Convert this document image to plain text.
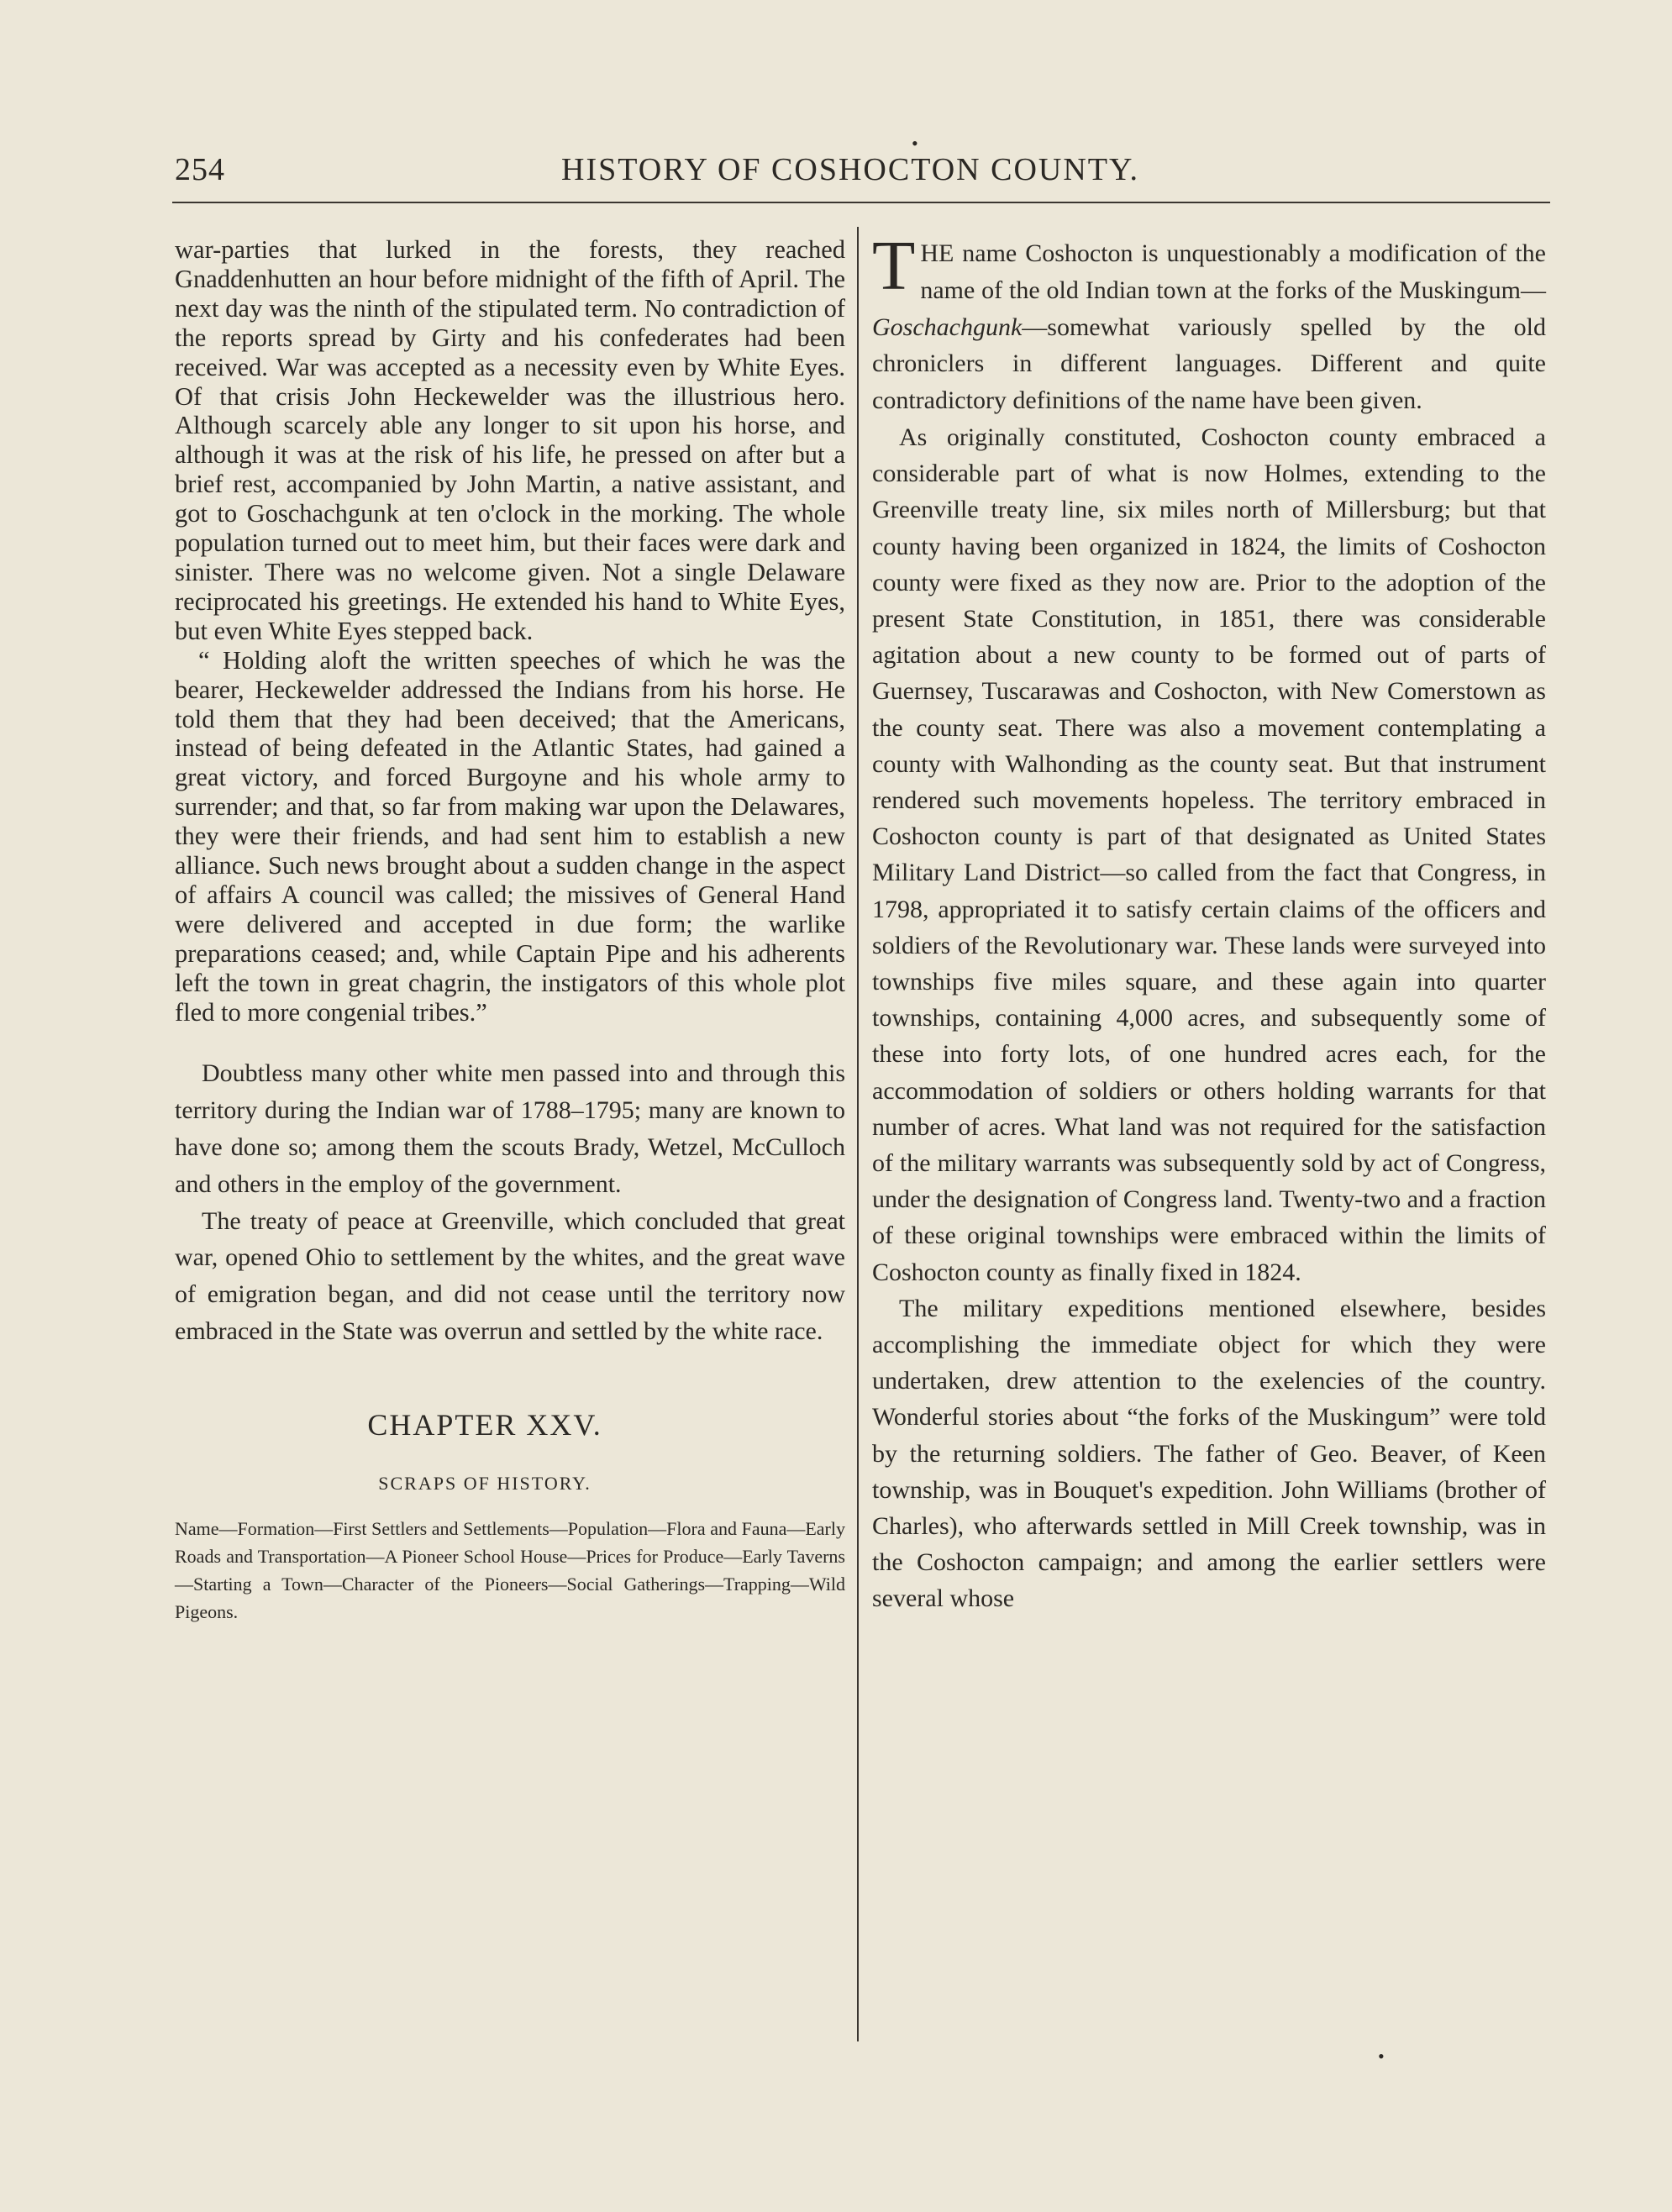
254	HISTORY OF COSHOCTON COUNTY.

war-parties that lurked in the forests, they reached Gnaddenhutten an hour before midnight of the fifth of April. The next day was the ninth of the stipulated term. No contradiction of the reports spread by Girty and his confederates had been received. War was accepted as a necessity even by White Eyes. Of that crisis John Heckewelder was the illustrious hero. Although scarcely able any longer to sit upon his horse, and although it was at the risk of his life, he pressed on after but a brief rest, accompanied by John Martin, a native assistant, and got to Goschachgunk at ten o'clock in the morking. The whole population turned out to meet him, but their faces were dark and sinister. There was no welcome given. Not a single Delaware reciprocated his greetings. He extended his hand to White Eyes, but even White Eyes stepped back.

“ Holding aloft the written speeches of which he was the bearer, Heckewelder addressed the Indians from his horse. He told them that they had been deceived; that the Americans, instead of being defeated in the Atlantic States, had gained a great victory, and forced Burgoyne and his whole army to surrender; and that, so far from making war upon the Delawares, they were their friends, and had sent him to establish a new alliance. Such news brought about a sudden change in the aspect of affairs A council was called; the missives of General Hand were delivered and accepted in due form; the warlike preparations ceased; and, while Captain Pipe and his adherents left the town in great chagrin, the instigators of this whole plot fled to more congenial tribes.”

Doubtless many other white men passed into and through this territory during the Indian war of 1788–1795; many are known to have done so; among them the scouts Brady, Wetzel, McCulloch and others in the employ of the government.

The treaty of peace at Greenville, which concluded that great war, opened Ohio to settlement by the whites, and the great wave of emigration began, and did not cease until the territory now embraced in the State was overrun and settled by the white race.

CHAPTER XXV.
SCRAPS OF HISTORY.
Name—Formation—First Settlers and Settlements—Population—Flora and Fauna—Early Roads and Transportation—A Pioneer School House—Prices for Produce—Early Taverns—Starting a Town—Character of the Pioneers—Social Gatherings—Trapping—Wild Pigeons.

THE name Coshocton is unquestionably a modification of the name of the old Indian town at the forks of the Muskingum—Goschachgunk—somewhat variously spelled by the old chroniclers in different languages. Different and quite contradictory definitions of the name have been given.

As originally constituted, Coshocton county embraced a considerable part of what is now Holmes, extending to the Greenville treaty line, six miles north of Millersburg; but that county having been organized in 1824, the limits of Coshocton county were fixed as they now are. Prior to the adoption of the present State Constitution, in 1851, there was considerable agitation about a new county to be formed out of parts of Guernsey, Tuscarawas and Coshocton, with New Comerstown as the county seat. There was also a movement contemplating a county with Walhonding as the county seat. But that instrument rendered such movements hopeless. The territory embraced in Coshocton county is part of that designated as United States Military Land District—so called from the fact that Congress, in 1798, appropriated it to satisfy certain claims of the officers and soldiers of the Revolutionary war. These lands were surveyed into townships five miles square, and these again into quarter townships, containing 4,000 acres, and subsequently some of these into forty lots, of one hundred acres each, for the accommodation of soldiers or others holding warrants for that number of acres. What land was not required for the satisfaction of the military warrants was subsequently sold by act of Congress, under the designation of Congress land. Twenty-two and a fraction of these original townships were embraced within the limits of Coshocton county as finally fixed in 1824.

The military expeditions mentioned elsewhere, besides accomplishing the immediate object for which they were undertaken, drew attention to the exelencies of the country. Wonderful stories about “the forks of the Muskingum” were told by the returning soldiers. The father of Geo. Beaver, of Keen township, was in Bouquet's expedition. John Williams (brother of Charles), who afterwards settled in Mill Creek township, was in the Coshocton campaign; and among the earlier settlers were several whose

•
•
